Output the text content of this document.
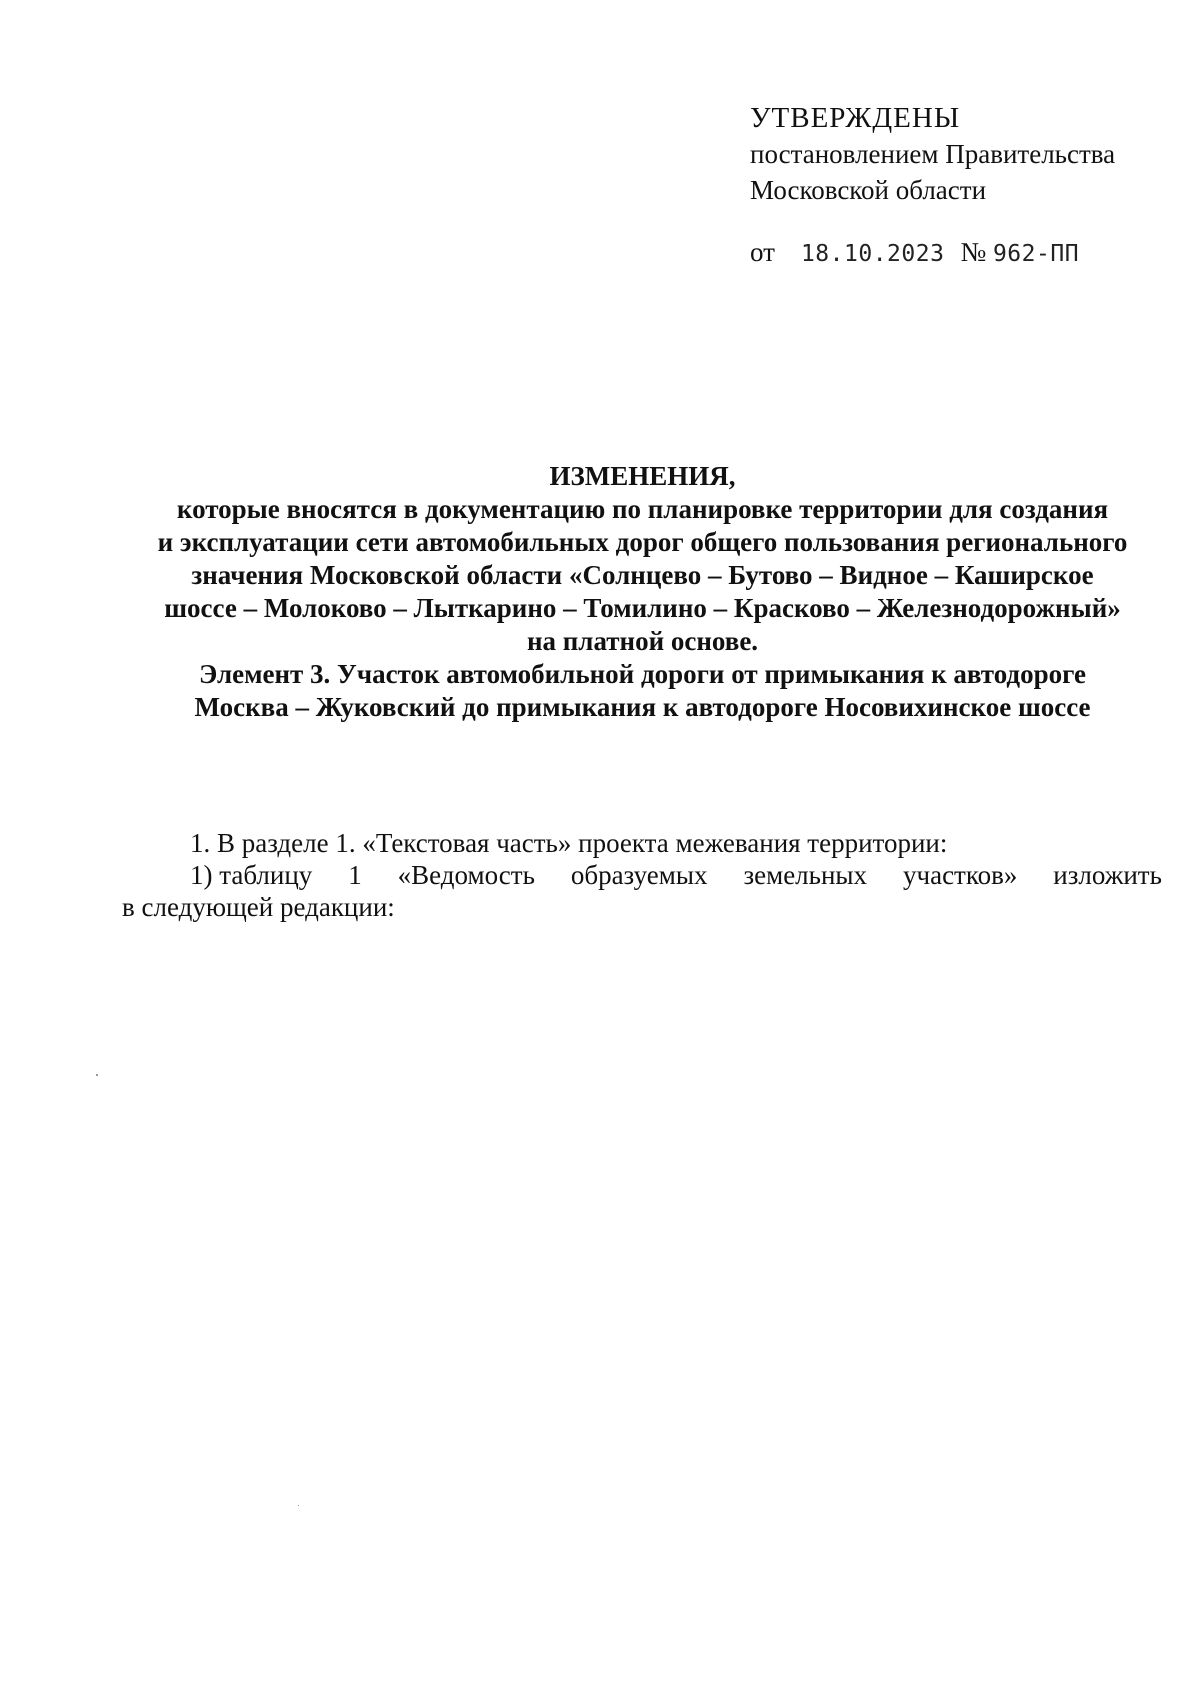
УТВЕРЖДЕНЫ
постановлением Правительства
Московской области
от 18.10.2023 № 962-ПП
ИЗМЕНЕНИЯ,
которые вносятся в документацию по планировке территории для создания
и эксплуатации сети автомобильных дорог общего пользования регионального
значения Московской области «Солнцево – Бутово – Видное – Каширское
шоссе – Молоково – Лыткарино – Томилино – Красково – Железнодорожный»
на платной основе.
Элемент 3. Участок автомобильной дороги от примыкания к автодороге
Москва – Жуковский до примыкания к автодороге Носовихинское шоссе
1. В разделе 1. «Текстовая часть» проекта межевания территории:
1) таблицу 1 «Ведомость образуемых земельных участков» изложить
в следующей редакции:
